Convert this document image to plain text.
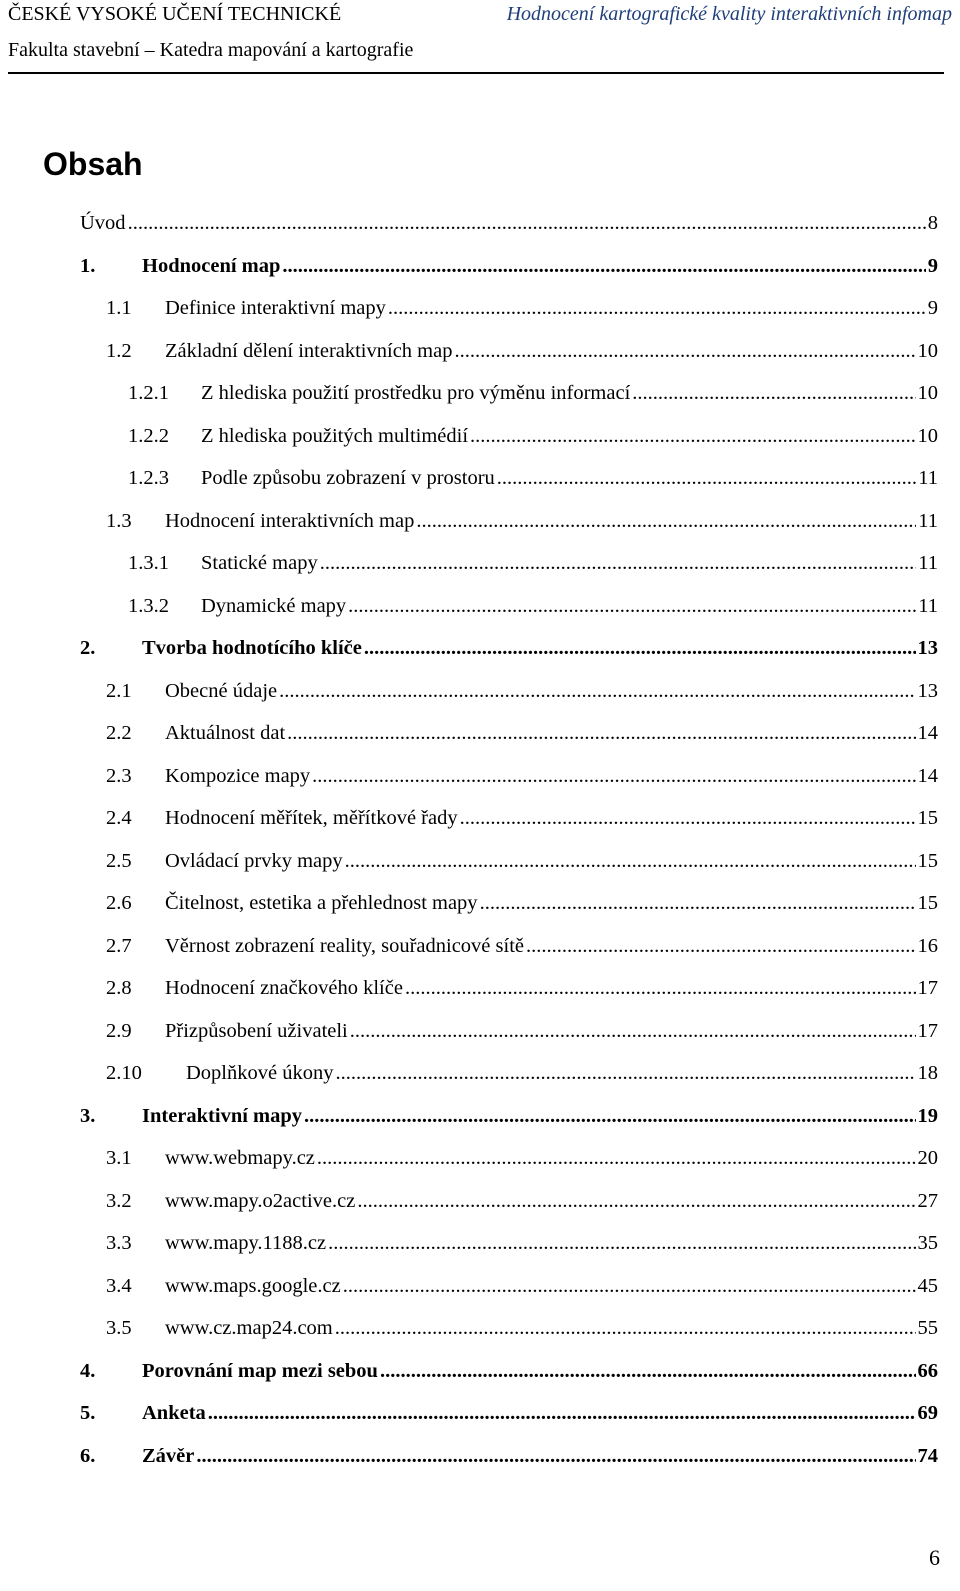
ČESKÉ VYSOKÉ UČENÍ TECHNICKÉ	Hodnocení kartografické kvality interaktivních infomap
Fakulta stavební – Katedra mapování a kartografie
Obsah
Úvod .....	8
1.	Hodnocení map .....	9
1.1	Definice interaktivní mapy .....	9
1.2	Základní dělení interaktivních map .....	10
1.2.1	Z hlediska použití prostředku pro výměnu informací .....	10
1.2.2	Z hlediska použitých multimédií .....	10
1.2.3	Podle způsobu zobrazení v prostoru .....	11
1.3	Hodnocení interaktivních map .....	11
1.3.1	Statické mapy .....	11
1.3.2	Dynamické mapy .....	11
2.	Tvorba hodnotícího klíče .....	13
2.1	Obecné údaje .....	13
2.2	Aktuálnost dat .....	14
2.3	Kompozice mapy .....	14
2.4	Hodnocení měřítek, měřítkové řady .....	15
2.5	Ovládací prvky mapy .....	15
2.6	Čitelnost, estetika a přehlednost mapy .....	15
2.7	Věrnost zobrazení reality, souřadnicové sítě .....	16
2.8	Hodnocení značkového klíče .....	17
2.9	Přizpůsobení uživateli .....	17
2.10	Doplňkové úkony .....	18
3.	Interaktivní mapy .....	19
3.1	www.webmapy.cz .....	20
3.2	www.mapy.o2active.cz .....	27
3.3	www.mapy.1188.cz .....	35
3.4	www.maps.google.cz .....	45
3.5	www.cz.map24.com .....	55
4.	Porovnání map mezi sebou .....	66
5.	Anketa .....	69
6.	Závěr .....	74
6
